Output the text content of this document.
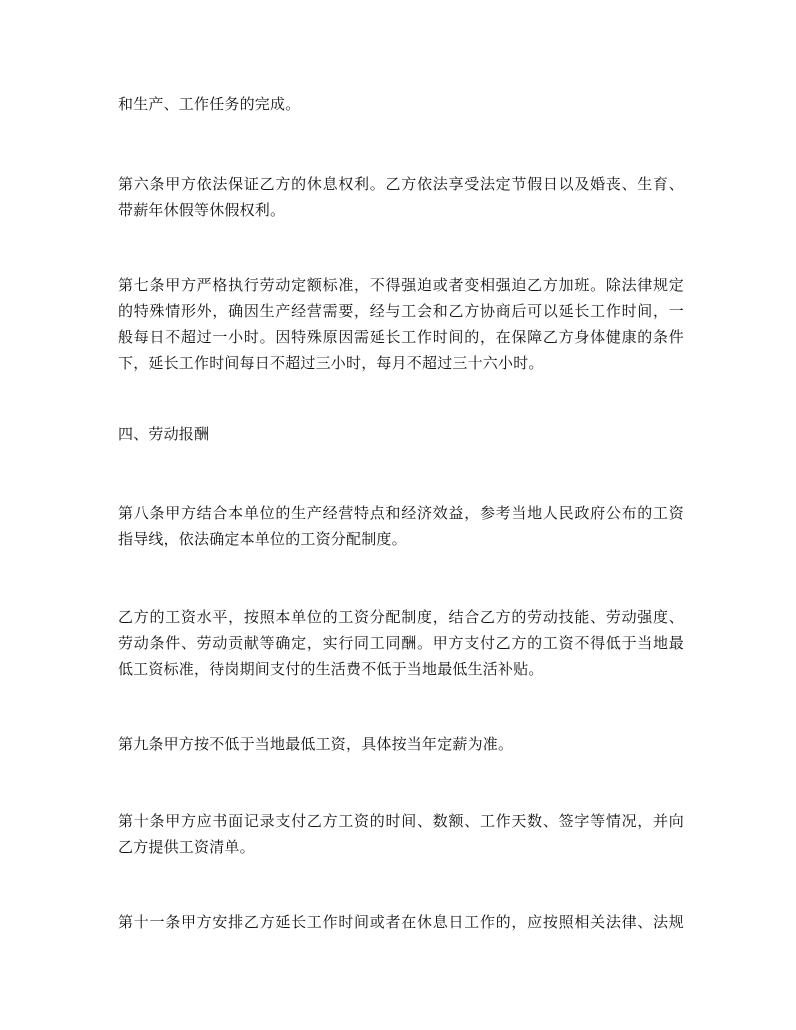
和生产、工作任务的完成。

第六条甲方依法保证乙方的休息权利。乙方依法享受法定节假日以及婚丧、生育、
带薪年休假等休假权利。

第七条甲方严格执行劳动定额标准，不得强迫或者变相强迫乙方加班。除法律规定
的特殊情形外，确因生产经营需要，经与工会和乙方协商后可以延长工作时间，一
般每日不超过一小时。因特殊原因需延长工作时间的，在保障乙方身体健康的条件
下，延长工作时间每日不超过三小时，每月不超过三十六小时。

四、劳动报酬

第八条甲方结合本单位的生产经营特点和经济效益，参考当地人民政府公布的工资
指导线，依法确定本单位的工资分配制度。

乙方的工资水平，按照本单位的工资分配制度，结合乙方的劳动技能、劳动强度、
劳动条件、劳动贡献等确定，实行同工同酬。甲方支付乙方的工资不得低于当地最
低工资标准，待岗期间支付的生活费不低于当地最低生活补贴。

第九条甲方按不低于当地最低工资，具体按当年定薪为准。

第十条甲方应书面记录支付乙方工资的时间、数额、工作天数、签字等情况，并向
乙方提供工资清单。

第十一条甲方安排乙方延长工作时间或者在休息日工作的，应按照相关法律、法规
